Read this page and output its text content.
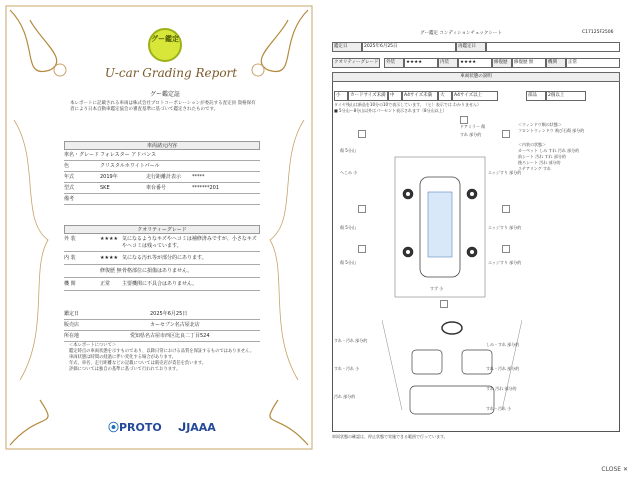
グー鑑定
U-car Grading Report
グー鑑定証
本レポートに記載される車両は株式会社プロトコーポレーションが委託する査定員 資格保有者により日本自動車鑑定協会の審査基準に基づいて鑑定されたものです。
車両諸元内容
車名・グレードフォレスター アドバンス
色	クリスタルホワイトパール
年式	2019年	走行距離計表示 *****
型式	SKE	車台番号	*******201
備考
クオリティーグレード
外 装	★★★★ 気になるようなキズやヘコミは補修済みですが、小さなキズやヘコミは残っています。
内 装	★★★★ 気になる汚れ等が部分的にあります。
修復歴 無骨格部位に損傷はありません。
機 関	正常 主要機関に不具合はありません。
鑑定日	2025年6月25日
販売店	カーセブン名古屋北店
所在地	愛知県名古屋市西区比良二丁目524
＜本レポートについて＞
鑑定時点の車両状態を示すものであり、以降日常における品質を保証するものではありません。
車両状態は時間の経過に伴い変化する場合があります。
年式、車名、走行距離などの記載については販売店が責任を負います。
評価については独自の基準に基づいて行われております。
⦿PROTO ᒍJAAA
グー鑑定 コンディションチェックシート	C17125F2506
鑑定日	2025年6月25日	再鑑定日
クオリティーグレード	外装	★★★★	内装	★★★★	修復歴	修復歴 無	機関	正常
車両状態の説明
小	カードサイズ未満 中	A4サイズ未満	大	A4サイズ以上	部品	2個以上
タイヤ残山は新品を10分の10で表示しています。（ヒ）表示では わかりません）
■ 5分山～8分山以外はパーセント表示されます（8分山以上）
ドアミラー 傷
すれ 部分的
傷 5分山
へこみ 小	エッジすり 部分的
傷 5分山	エッジすり 部分的
傷 5分山	エッジすり 部分的
すず 小
＜ウィンドウ類の状態＞
フロントウィンドウ 飛び石傷 部分的
＜内装の状態＞
カーペット しみ すれ 汚れ 部分的
前シート 汚れ すれ 部分的
後ろシート 汚れ 部分的
ステアリング すれ
すれ・汚れ 部分的
すれ・汚れ 小
汚れ 部分的
しみ・すれ 部分的
すれ・汚れ 部分的
すれ 汚れ 部分的
すれ・汚れ 小
車両状態の確認は、停止状態で実施できる範囲で行っています。
CLOSE ✕
